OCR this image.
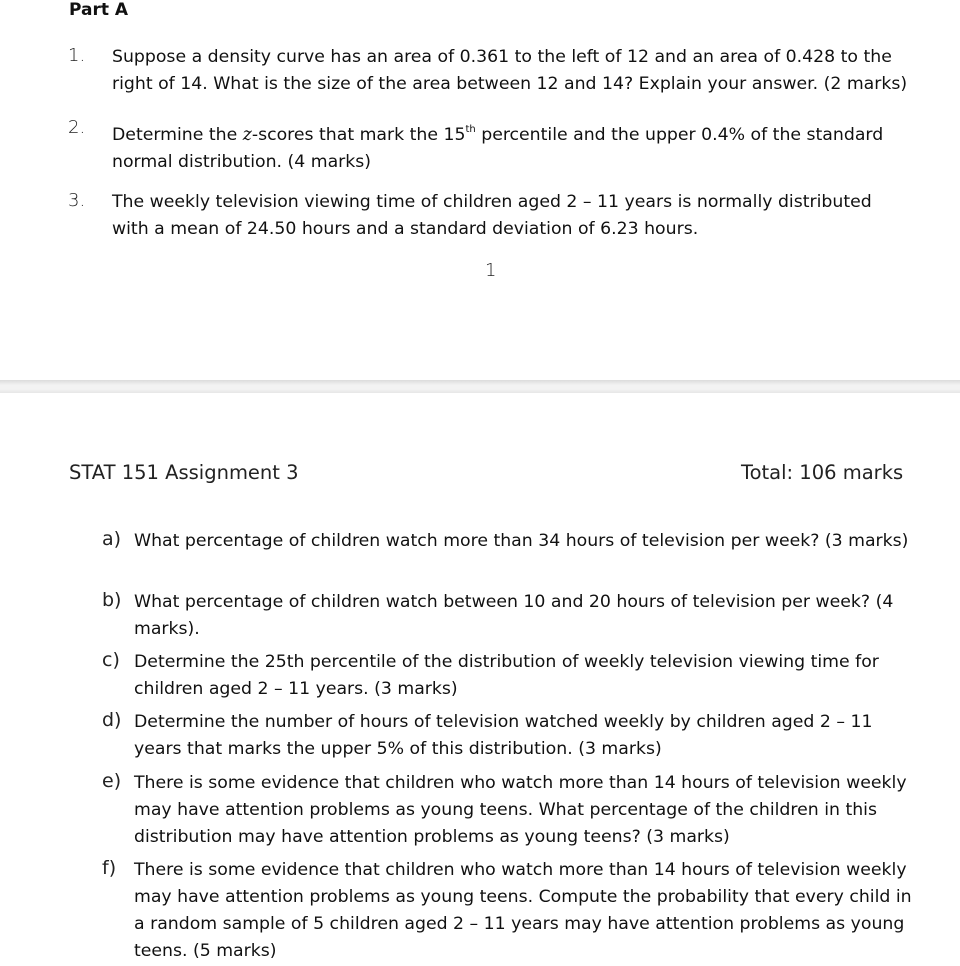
Part A
1. Suppose a density curve has an area of 0.361 to the left of 12 and an area of 0.428 to the right of 14. What is the size of the area between 12 and 14? Explain your answer. (2 marks)
2. Determine the z-scores that mark the 15th percentile and the upper 0.4% of the standard normal distribution. (4 marks)
3. The weekly television viewing time of children aged 2 – 11 years is normally distributed with a mean of 24.50 hours and a standard deviation of 6.23 hours.
1
STAT 151 Assignment 3	Total: 106 marks
a) What percentage of children watch more than 34 hours of television per week? (3 marks)
b) What percentage of children watch between 10 and 20 hours of television per week? (4 marks).
c) Determine the 25th percentile of the distribution of weekly television viewing time for children aged 2 – 11 years. (3 marks)
d) Determine the number of hours of television watched weekly by children aged 2 – 11 years that marks the upper 5% of this distribution. (3 marks)
e) There is some evidence that children who watch more than 14 hours of television weekly may have attention problems as young teens. What percentage of the children in this distribution may have attention problems as young teens? (3 marks)
f) There is some evidence that children who watch more than 14 hours of television weekly may have attention problems as young teens. Compute the probability that every child in a random sample of 5 children aged 2 – 11 years may have attention problems as young teens. (5 marks)
